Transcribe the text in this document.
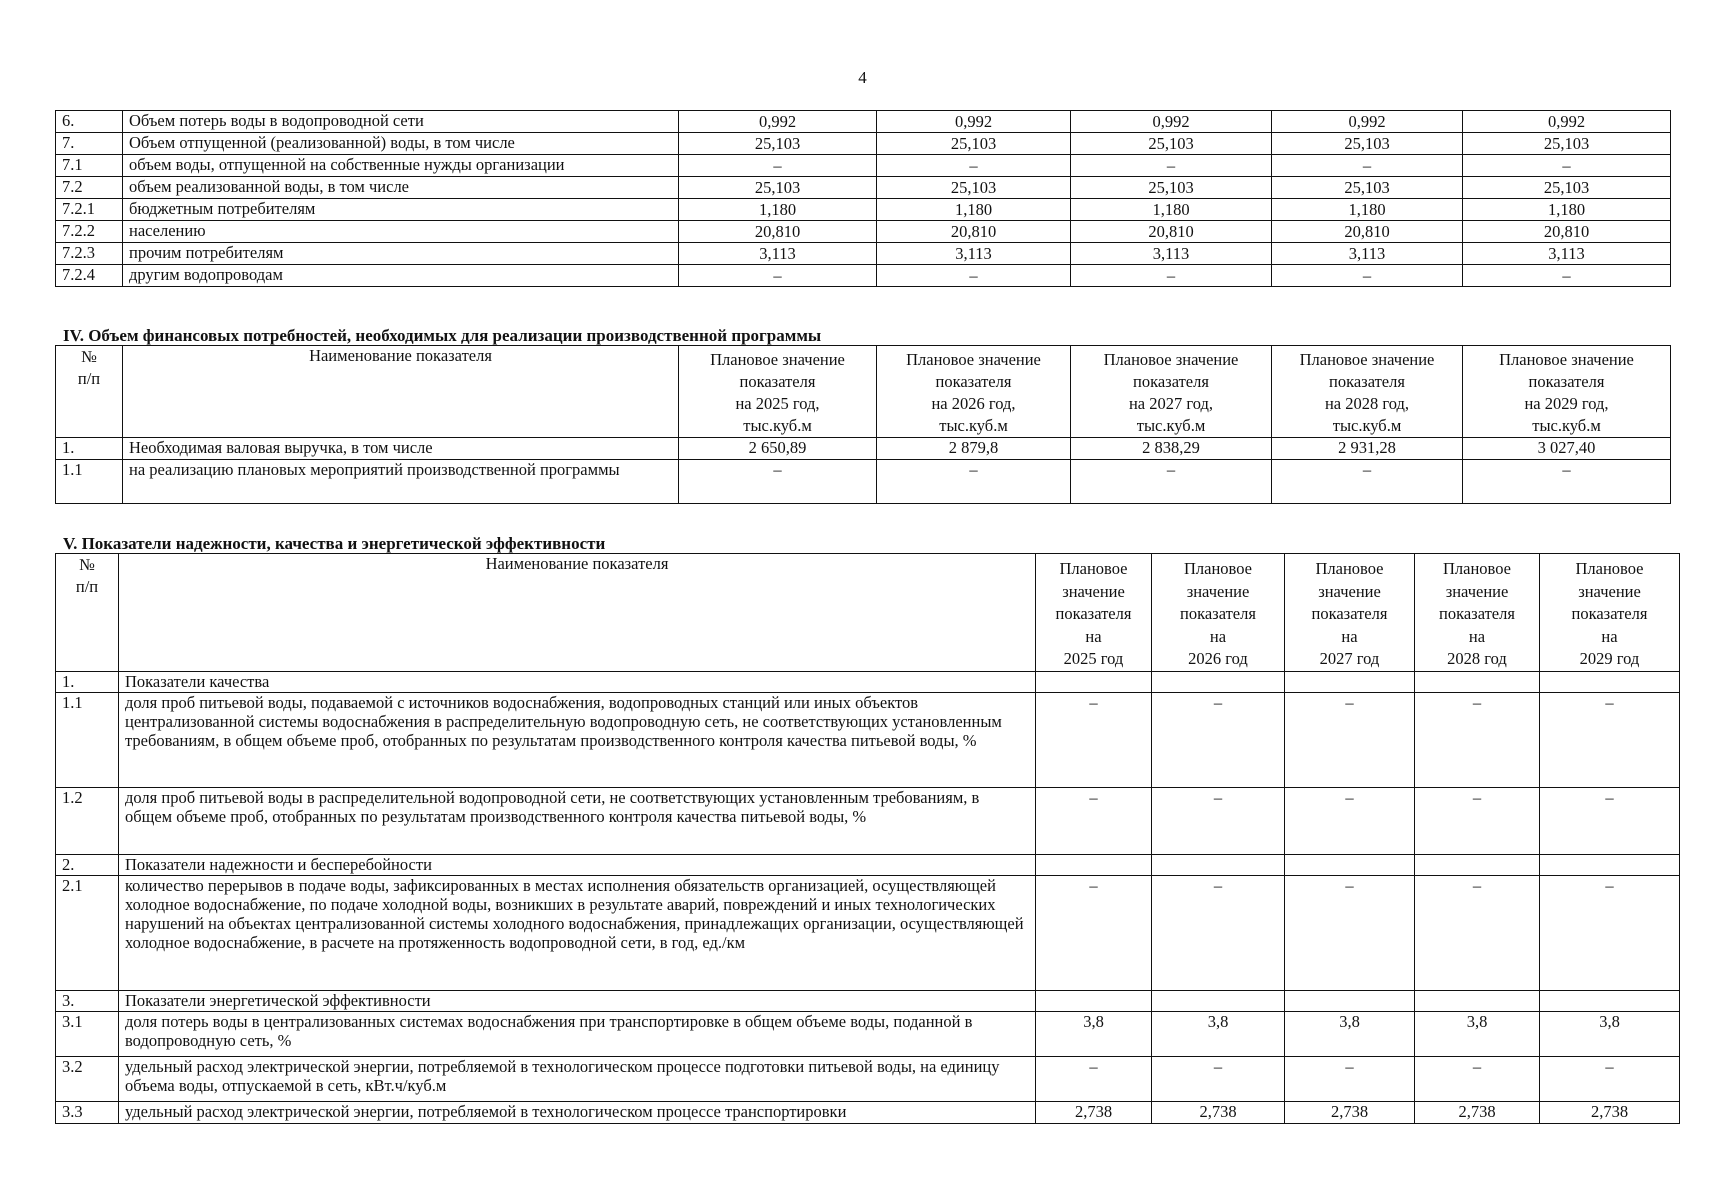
4
6.	Объем потерь воды в водопроводной сети	0,992	0,992	0,992	0,992	0,992
7.	Объем отпущенной (реализованной) воды, в том числе	25,103	25,103	25,103	25,103	25,103
7.1	объем воды, отпущенной на собственные нужды организации	–	–	–	–	–
7.2	объем реализованной воды, в том числе	25,103	25,103	25,103	25,103	25,103
7.2.1	бюджетным потребителям	1,180	1,180	1,180	1,180	1,180
7.2.2	населению	20,810	20,810	20,810	20,810	20,810
7.2.3	прочим потребителям	3,113	3,113	3,113	3,113	3,113
7.2.4	другим водопроводам	–	–	–	–	–
IV. Объем финансовых потребностей, необходимых для реализации производственной программы
№
п/п	Наименование показателя	Плановое значение
показателя
на 2025 год,
тыс.куб.м	Плановое значение
показателя
на 2026 год,
тыс.куб.м	Плановое значение
показателя
на 2027 год,
тыс.куб.м	Плановое значение
показателя
на 2028 год,
тыс.куб.м	Плановое значение
показателя
на 2029 год,
тыс.куб.м
1.	Необходимая валовая выручка, в том числе	2 650,89	2 879,8	2 838,29	2 931,28	3 027,40
1.1	на реализацию плановых мероприятий производственной программы	–	–	–	–	–
V. Показатели надежности, качества и энергетической эффективности
№
п/п	Наименование показателя	Плановое
значение
показателя
на
2025 год	Плановое
значение
показателя
на
2026 год	Плановое
значение
показателя
на
2027 год	Плановое
значение
показателя
на
2028 год	Плановое
значение
показателя
на
2029 год
1.	Показатели качества					
1.1	доля проб питьевой воды, подаваемой с источников водоснабжения, водопроводных станций или иных объектов централизованной системы водоснабжения в распределительную водопроводную сеть, не соответствующих установленным требованиям, в общем объеме проб, отобранных по результатам производственного контроля качества питьевой воды, %	–	–	–	–	–
1.2	доля проб питьевой воды в распределительной водопроводной сети, не соответствующих установленным требованиям, в общем объеме проб, отобранных по результатам производственного контроля качества питьевой воды, %	–	–	–	–	–
2.	Показатели надежности и бесперебойности					
2.1	количество перерывов в подаче воды, зафиксированных в местах исполнения обязательств организацией, осуществляющей холодное водоснабжение, по подаче холодной воды, возникших в результате аварий, повреждений и иных технологических нарушений на объектах централизованной системы холодного водоснабжения, принадлежащих организации, осуществляющей холодное водоснабжение, в расчете на протяженность водопроводной сети, в год, ед./км	–	–	–	–	–
3.	Показатели энергетической эффективности					
3.1	доля потерь воды в централизованных системах водоснабжения при транспортировке в общем объеме воды, поданной в водопроводную сеть, %	3,8	3,8	3,8	3,8	3,8
3.2	удельный расход электрической энергии, потребляемой в технологическом процессе подготовки питьевой воды, на единицу объема воды, отпускаемой в сеть, кВт.ч/куб.м	–	–	–	–	–
3.3	удельный расход электрической энергии, потребляемой в технологическом процессе транспортировки	2,738	2,738	2,738	2,738	2,738
